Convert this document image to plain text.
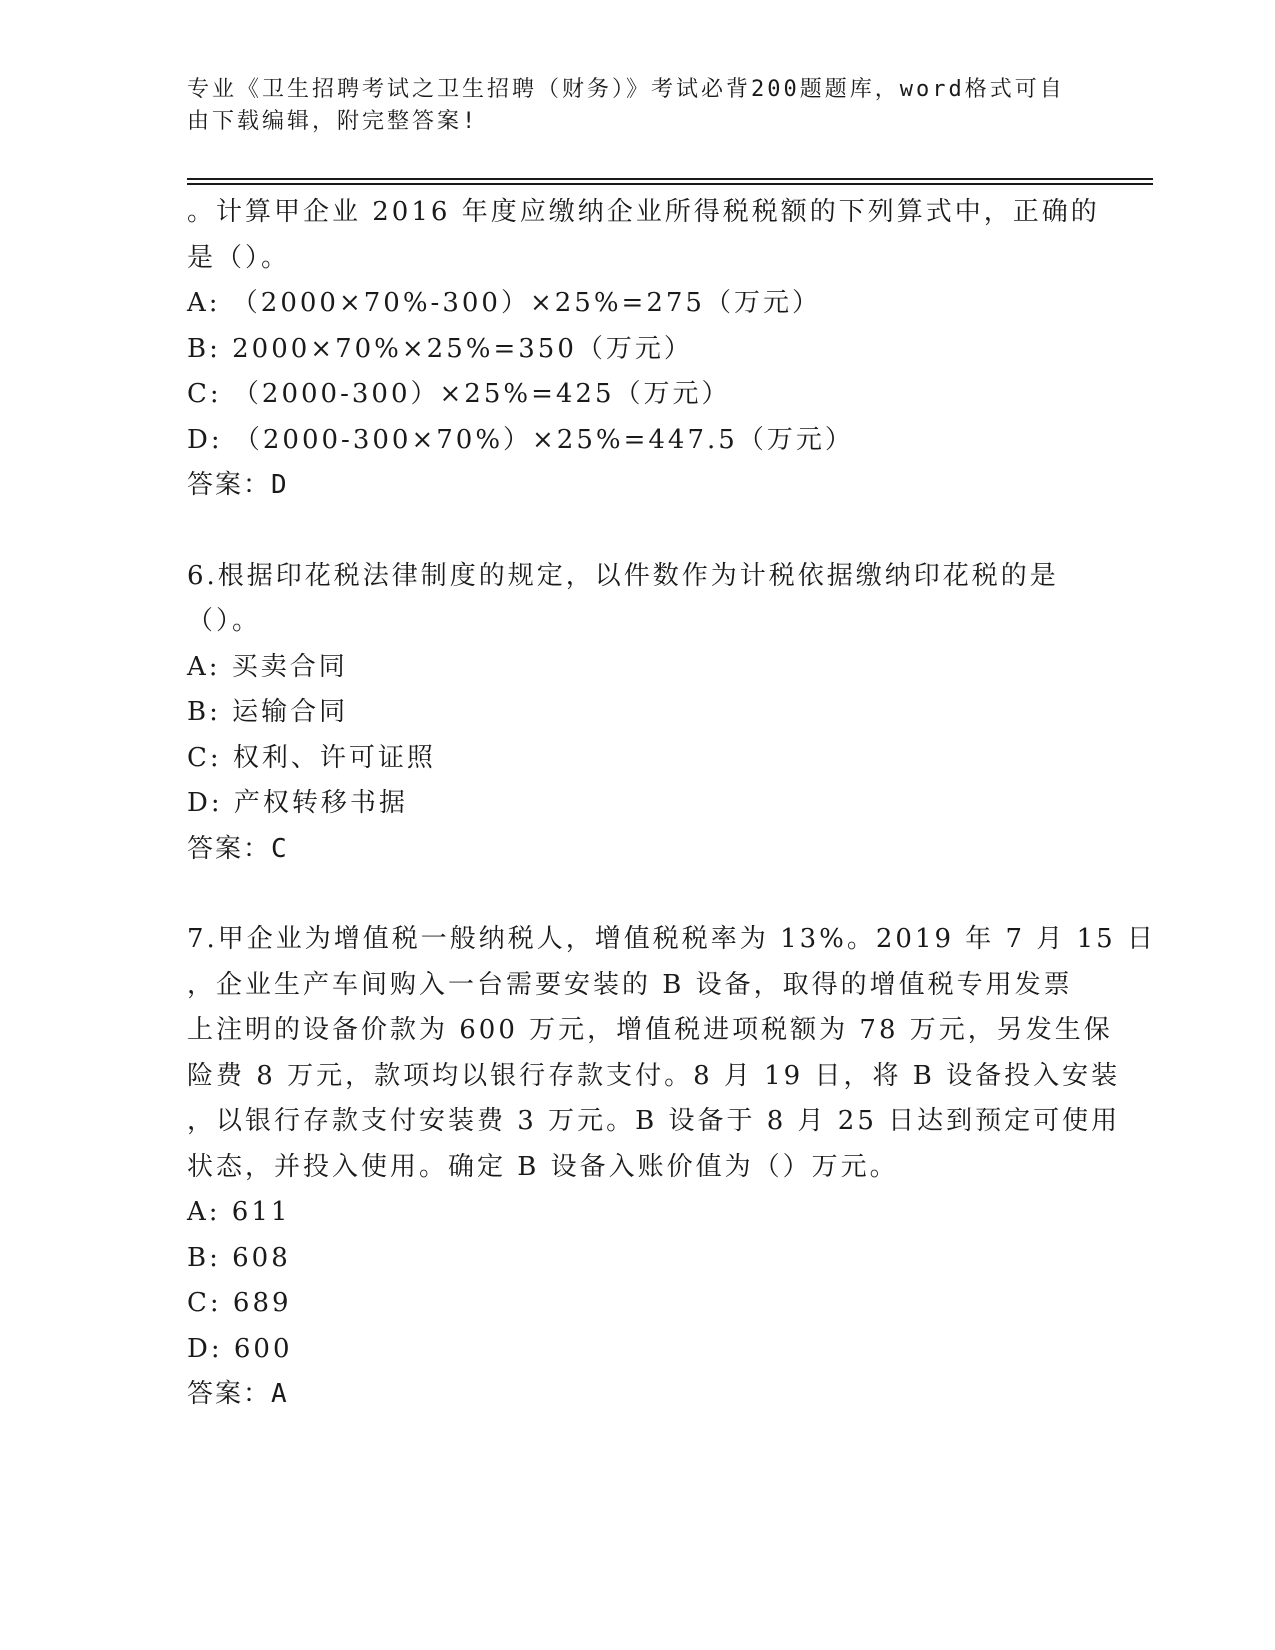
专业《卫生招聘考试之卫生招聘（财务）》考试必背200题题库，word格式可自
由下载编辑，附完整答案!
。计算甲企业 2016 年度应缴纳企业所得税税额的下列算式中，正确的
是（）。
A: （2000×70%-300）×25%=275（万元）
B: 2000×70%×25%=350（万元）
C: （2000-300）×25%=425（万元）
D: （2000-300×70%）×25%=447.5（万元）
答案：D
6.根据印花税法律制度的规定，以件数作为计税依据缴纳印花税的是
（）。
A: 买卖合同
B: 运输合同
C: 权利、许可证照
D: 产权转移书据
答案：C
7.甲企业为增值税一般纳税人，增值税税率为 13%。2019 年 7 月 15 日
，企业生产车间购入一台需要安装的 B 设备，取得的增值税专用发票
上注明的设备价款为 600 万元，增值税进项税额为 78 万元，另发生保
险费 8 万元，款项均以银行存款支付。8 月 19 日，将 B 设备投入安装
，以银行存款支付安装费 3 万元。B 设备于 8 月 25 日达到预定可使用
状态，并投入使用。确定 B 设备入账价值为（）万元。
A: 611
B: 608
C: 689
D: 600
答案：A
